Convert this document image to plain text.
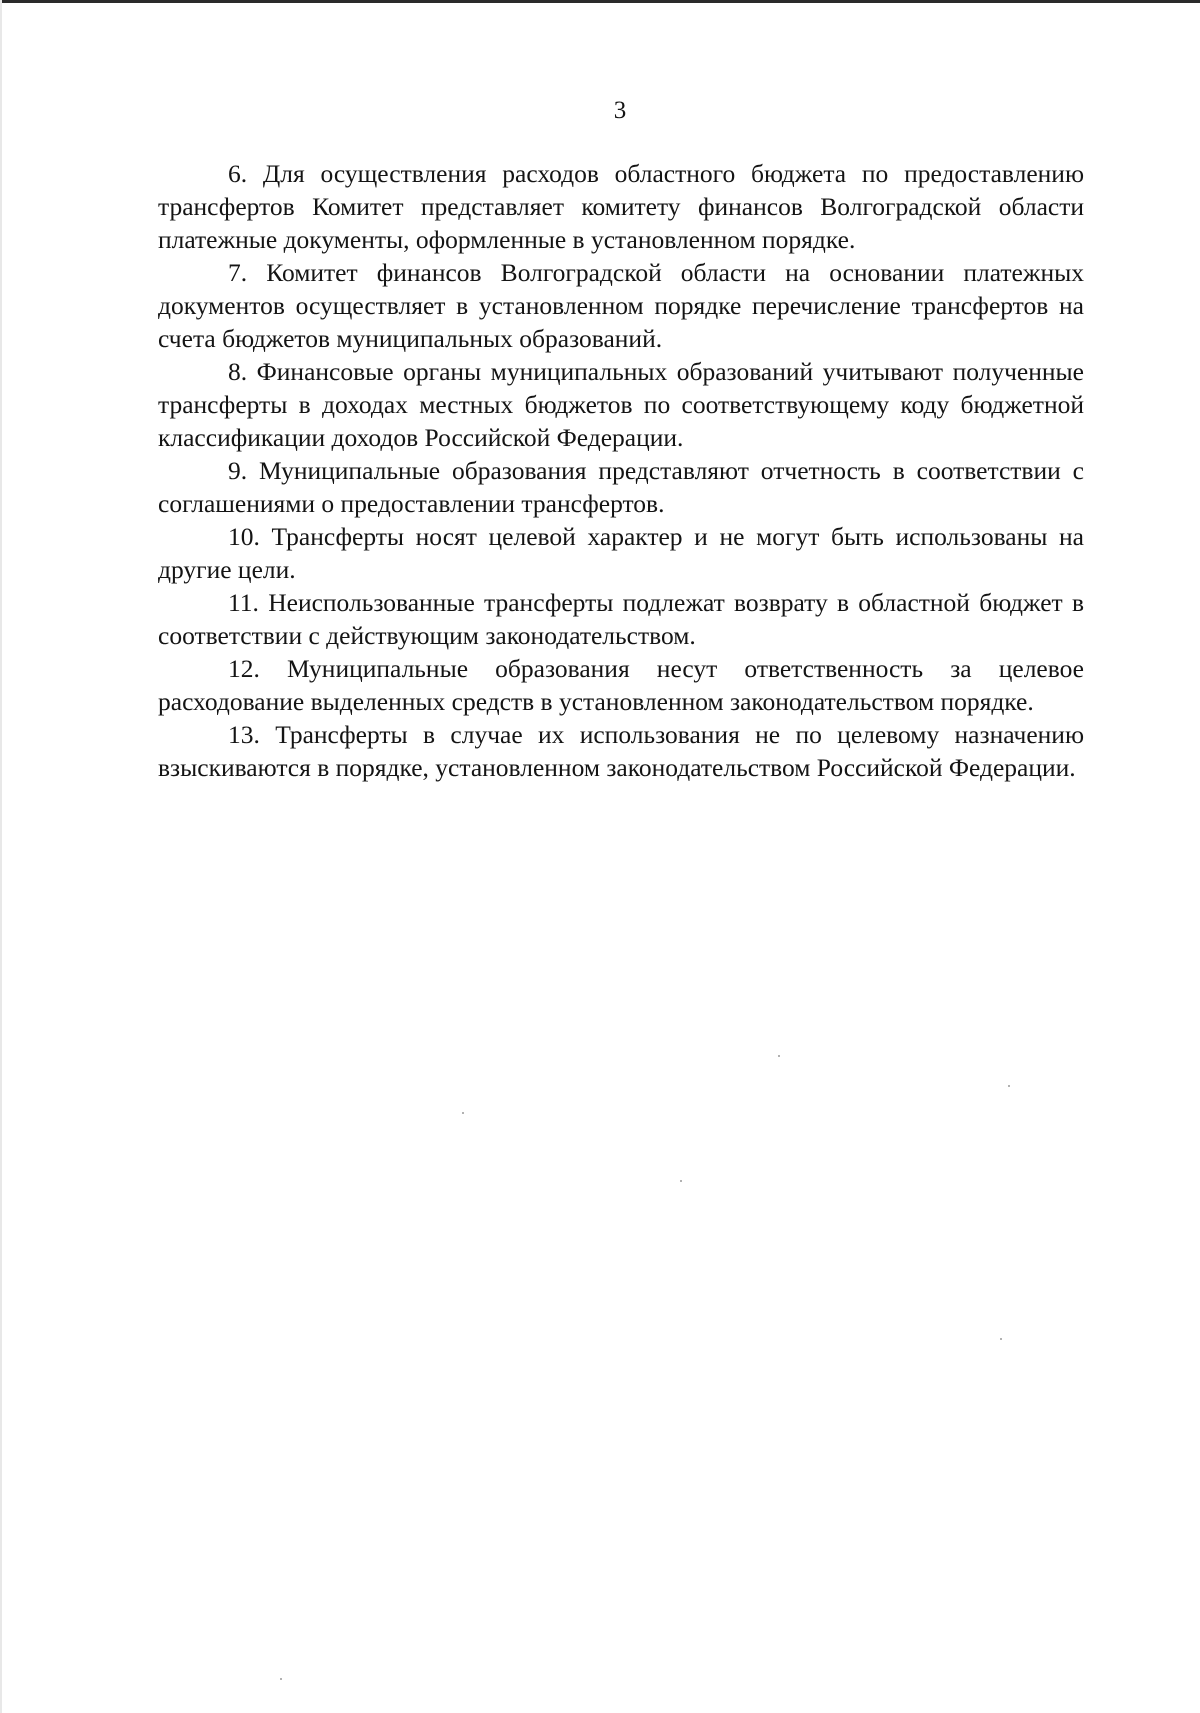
3

6. Для осуществления расходов областного бюджета по предоставлению трансфертов Комитет представляет комитету финансов Волгоградской области платежные документы, оформленные в установленном порядке.

7. Комитет финансов Волгоградской области на основании платежных документов осуществляет в установленном порядке перечисление трансфертов на счета бюджетов муниципальных образований.

8. Финансовые органы муниципальных образований учитывают полученные трансферты в доходах местных бюджетов по соответствующему коду бюджетной классификации доходов Российской Федерации.

9. Муниципальные образования представляют отчетность в соответствии с соглашениями о предоставлении трансфертов.

10. Трансферты носят целевой характер и не могут быть использованы на другие цели.

11. Неиспользованные трансферты подлежат возврату в областной бюджет в соответствии с действующим законодательством.

12. Муниципальные образования несут ответственность за целевое расходование выделенных средств в установленном законодательством порядке.

13. Трансферты в случае их использования не по целевому назначению взыскиваются в порядке, установленном законодательством Российской Федерации.
